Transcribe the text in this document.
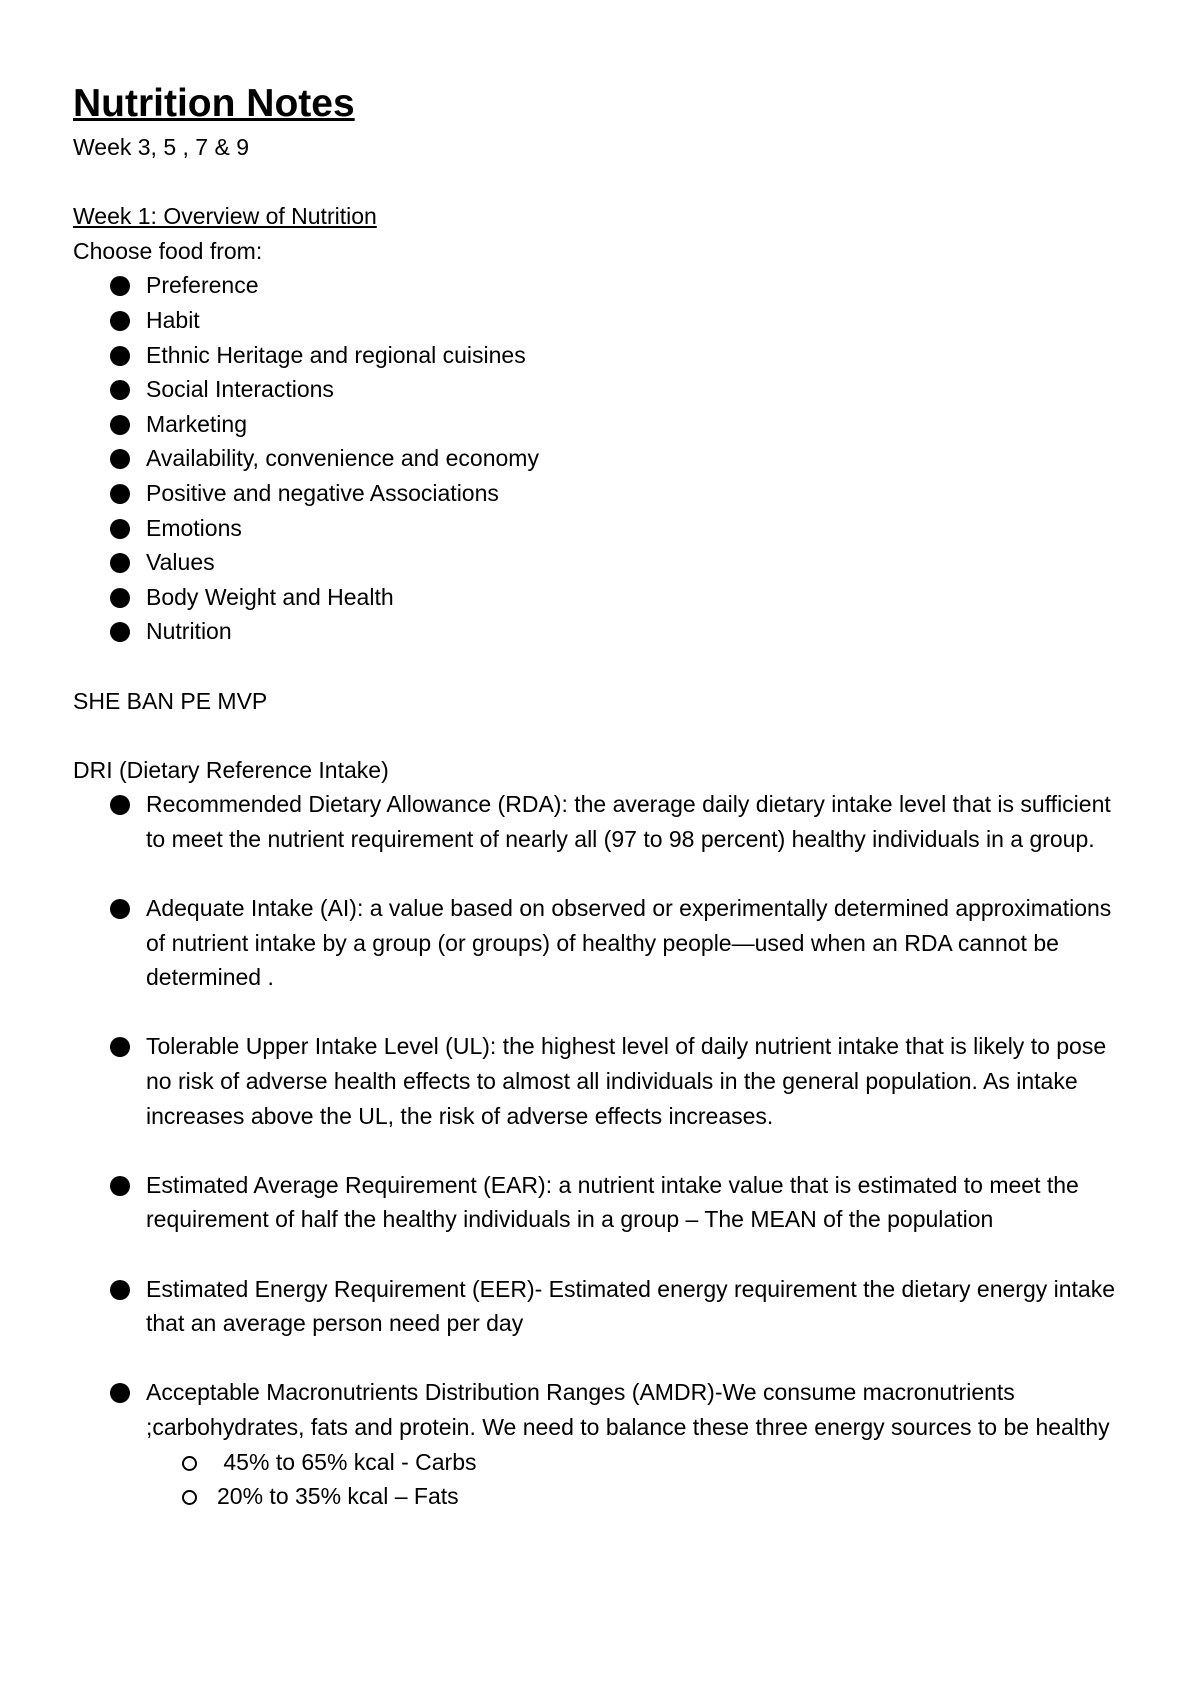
Nutrition Notes

Week 3, 5 , 7 & 9

Week 1: Overview of Nutrition

Choose food from:

Preference
Habit
Ethnic Heritage and regional cuisines
Social Interactions
Marketing
Availability, convenience and economy
Positive and negative Associations
Emotions
Values
Body Weight and Health
Nutrition

SHE BAN PE MVP

DRI (Dietary Reference Intake)

Recommended Dietary Allowance (RDA): the average daily dietary intake level that is sufficient to meet the nutrient requirement of nearly all (97 to 98 percent) healthy individuals in a group.
Adequate Intake (AI): a value based on observed or experimentally determined approximations of nutrient intake by a group (or groups) of healthy people—used when an RDA cannot be determined .
Tolerable Upper Intake Level (UL): the highest level of daily nutrient intake that is likely to pose no risk of adverse health effects to almost all individuals in the general population. As intake increases above the UL, the risk of adverse effects increases.
Estimated Average Requirement (EAR): a nutrient intake value that is estimated to meet the requirement of half the healthy individuals in a group – The MEAN of the population
Estimated Energy Requirement (EER)- Estimated energy requirement the dietary energy intake that an average person need per day
Acceptable Macronutrients Distribution Ranges (AMDR)-We consume macronutrients ;carbohydrates, fats and protein. We need to balance these three energy sources to be healthy
45% to 65% kcal - Carbs
20% to 35% kcal – Fats
